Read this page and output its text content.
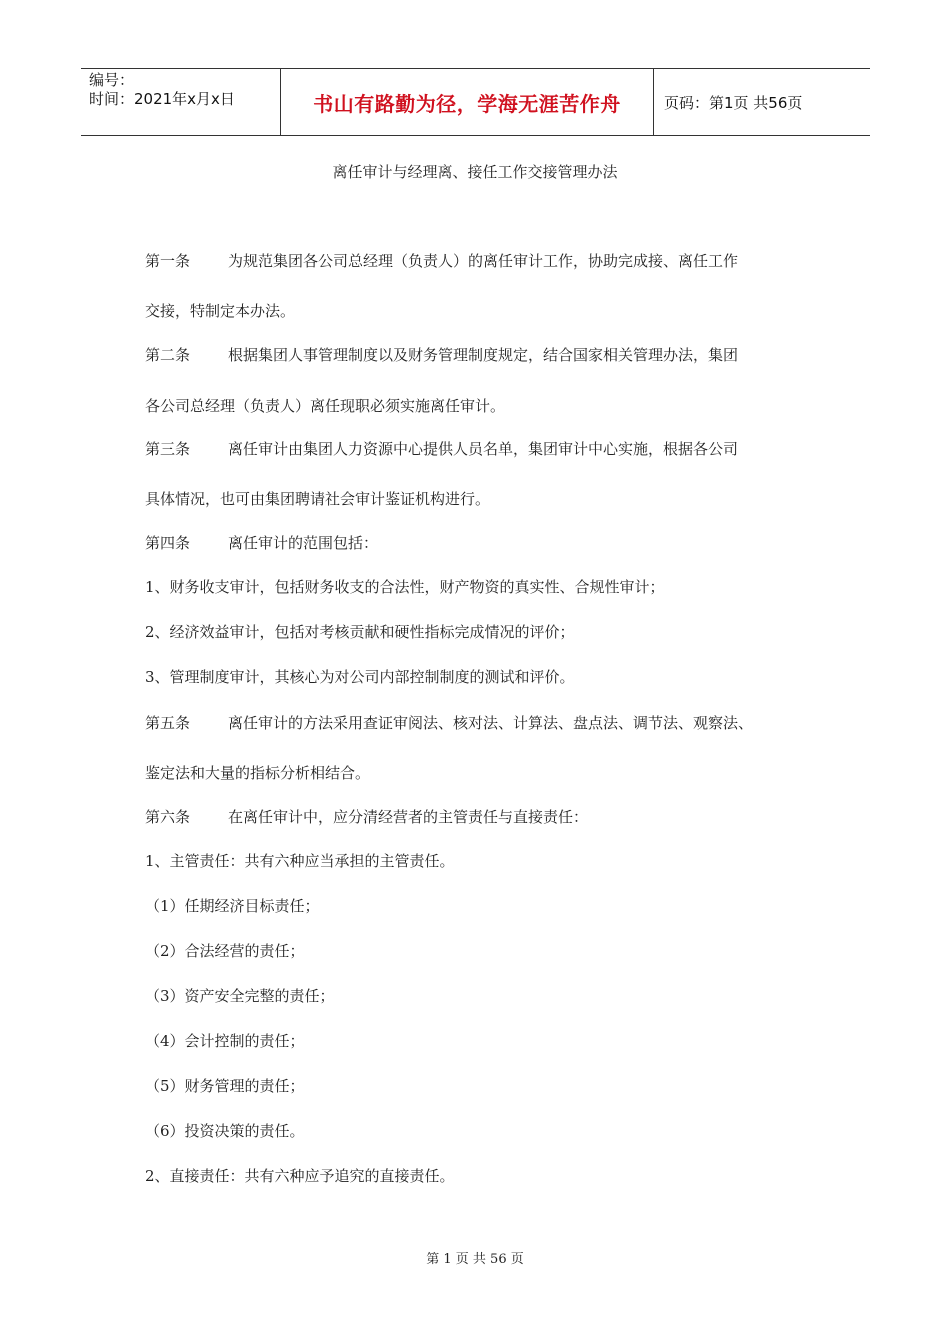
编号：
时间：2021年x月x日	书山有路勤为径，学海无涯苦作舟	页码：第1页 共56页
离任审计与经理离、接任工作交接管理办法
第一条	为规范集团各公司总经理（负责人）的离任审计工作，协助完成接、离任工作
交接，特制定本办法。
第二条	根据集团人事管理制度以及财务管理制度规定，结合国家相关管理办法，集团
各公司总经理（负责人）离任现职必须实施离任审计。
第三条	离任审计由集团人力资源中心提供人员名单，集团审计中心实施，根据各公司
具体情况，也可由集团聘请社会审计鉴证机构进行。
第四条	离任审计的范围包括：
1、财务收支审计，包括财务收支的合法性，财产物资的真实性、合规性审计；
2、经济效益审计，包括对考核贡献和硬性指标完成情况的评价；
3、管理制度审计，其核心为对公司内部控制制度的测试和评价。
第五条	离任审计的方法采用查证审阅法、核对法、计算法、盘点法、调节法、观察法、
鉴定法和大量的指标分析相结合。
第六条	在离任审计中，应分清经营者的主管责任与直接责任：
1、主管责任：共有六种应当承担的主管责任。
（1）任期经济目标责任；
（2）合法经营的责任；
（3）资产安全完整的责任；
（4）会计控制的责任；
（5）财务管理的责任；
（6）投资决策的责任。
2、直接责任：共有六种应予追究的直接责任。
第 1 页 共 56 页
